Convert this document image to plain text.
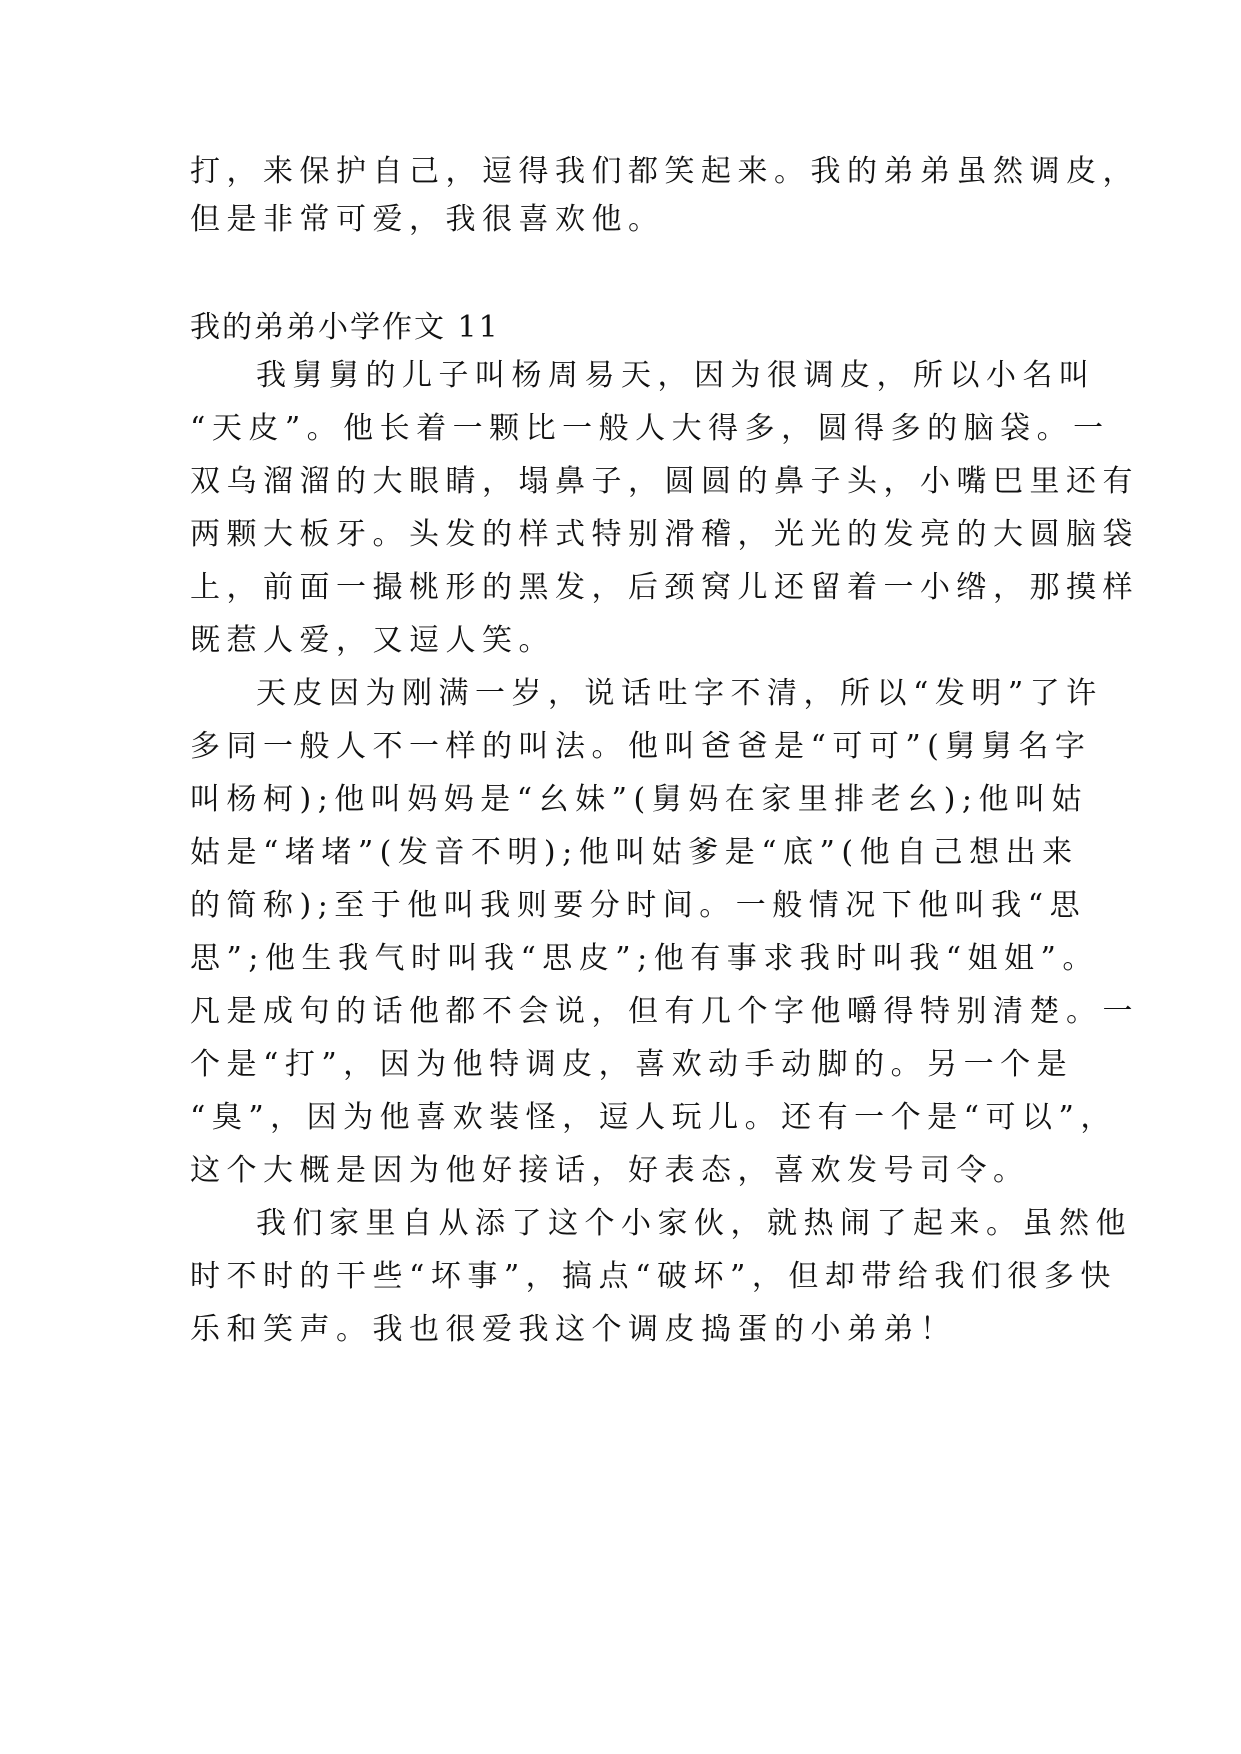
打，来保护自己，逗得我们都笑起来。我的弟弟虽然调皮，

但是非常可爱，我很喜欢他。

我的弟弟小学作文 11

我舅舅的儿子叫杨周易天，因为很调皮，所以小名叫

“天皮”。他长着一颗比一般人大得多，圆得多的脑袋。一

双乌溜溜的大眼睛，塌鼻子，圆圆的鼻子头，小嘴巴里还有

两颗大板牙。头发的样式特别滑稽，光光的发亮的大圆脑袋

上，前面一撮桃形的黑发，后颈窝儿还留着一小绺，那摸样

既惹人爱，又逗人笑。

天皮因为刚满一岁，说话吐字不清，所以“发明”了许

多同一般人不一样的叫法。他叫爸爸是“可可”(舅舅名字

叫杨柯);他叫妈妈是“幺妹”(舅妈在家里排老幺);他叫姑

姑是“堵堵”(发音不明);他叫姑爹是“底”(他自己想出来

的简称);至于他叫我则要分时间。一般情况下他叫我“思

思”;他生我气时叫我“思皮”;他有事求我时叫我“姐姐”。

凡是成句的话他都不会说，但有几个字他嚼得特别清楚。一

个是“打”，因为他特调皮，喜欢动手动脚的。另一个是

“臭”，因为他喜欢装怪，逗人玩儿。还有一个是“可以”，

这个大概是因为他好接话，好表态，喜欢发号司令。

我们家里自从添了这个小家伙，就热闹了起来。虽然他

时不时的干些“坏事”，搞点“破坏”，但却带给我们很多快

乐和笑声。我也很爱我这个调皮捣蛋的小弟弟！
